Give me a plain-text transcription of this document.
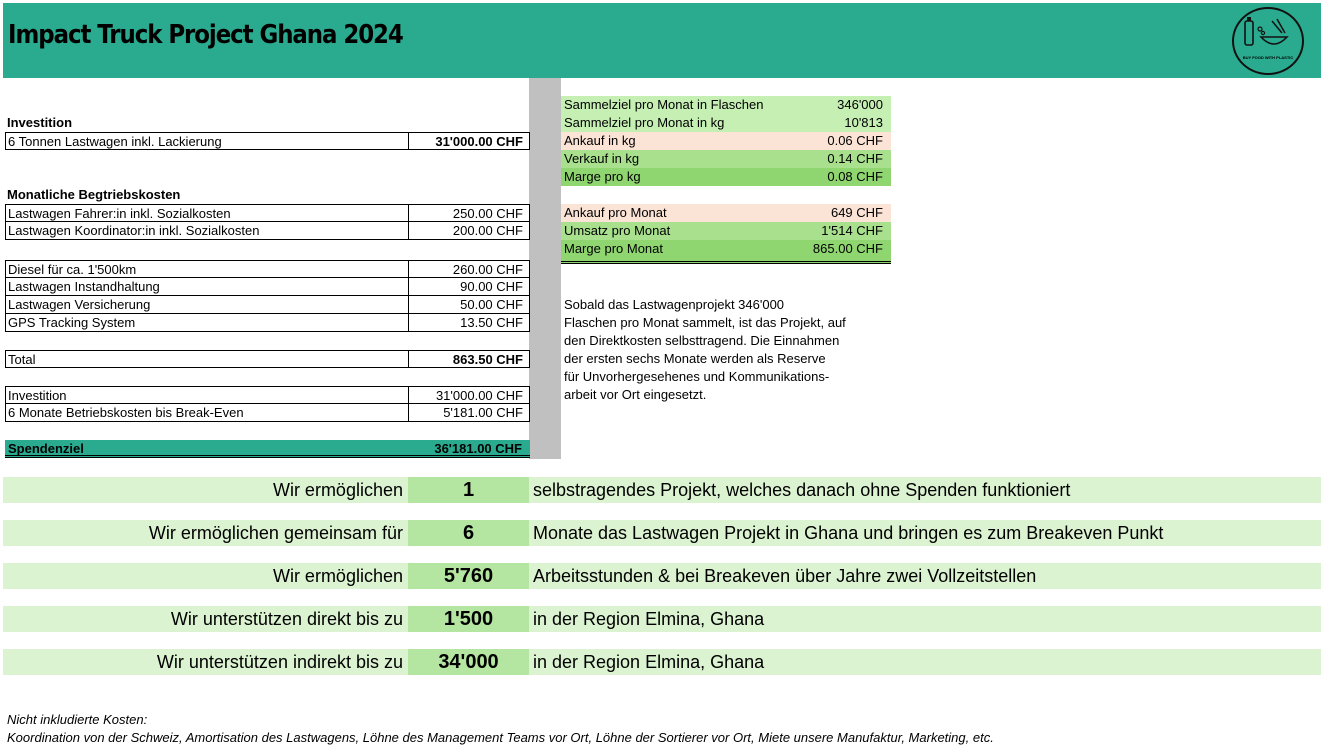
Impact Truck Project Ghana 2024
BUY FOOD WITH PLASTIC
Investition
6 Tonnen Lastwagen inkl. Lackierung	31'000.00 CHF
Monatliche Begtriebskosten
Lastwagen Fahrer:in inkl. Sozialkosten	250.00 CHF
Lastwagen Koordinator:in inkl. Sozialkosten	200.00 CHF
Diesel für ca. 1'500km	260.00 CHF
Lastwagen Instandhaltung	90.00 CHF
Lastwagen Versicherung	50.00 CHF
GPS Tracking System	13.50 CHF
Total	863.50 CHF
Investition	31'000.00 CHF
6 Monate Betriebskosten bis Break-Even	5'181.00 CHF
Spendenziel	36'181.00 CHF
Sammelziel pro Monat in Flaschen	346'000
Sammelziel pro Monat in kg	10'813
Ankauf in kg	0.06 CHF
Verkauf in kg	0.14 CHF
Marge pro kg	0.08 CHF
Ankauf pro Monat	649 CHF
Umsatz pro Monat	1'514 CHF
Marge pro Monat	865.00 CHF
Sobald das Lastwagenprojekt 346'000
Flaschen pro Monat sammelt, ist das Projekt, auf
den Direktkosten selbsttragend. Die Einnahmen
der ersten sechs Monate werden als Reserve
für Unvorhergesehenes und Kommunikations-
arbeit vor Ort eingesetzt.
Wir ermöglichen	1	selbstragendes Projekt, welches danach ohne Spenden funktioniert
Wir ermöglichen gemeinsam für	6	Monate das Lastwagen Projekt in Ghana und bringen es zum Breakeven Punkt
Wir ermöglichen	5'760	Arbeitsstunden & bei Breakeven über Jahre zwei Vollzeitstellen
Wir unterstützen direkt bis zu	1'500	in der Region Elmina, Ghana
Wir unterstützen indirekt bis zu	34'000	in der Region Elmina, Ghana
Nicht inkludierte Kosten:
Koordination von der Schweiz, Amortisation des Lastwagens, Löhne des Management Teams vor Ort, Löhne der Sortierer vor Ort, Miete unsere Manufaktur, Marketing, etc.
